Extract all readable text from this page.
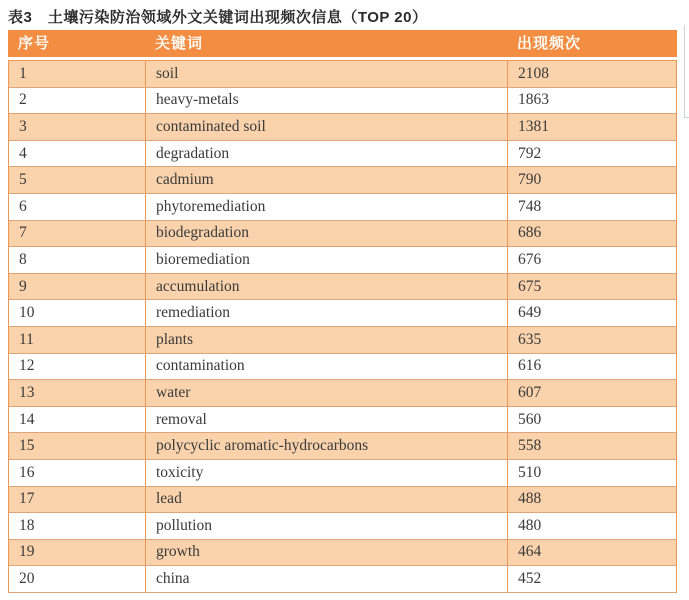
表3　土壤污染防治领域外文关键词出现频次信息（TOP 20）
序号	关键词	出现频次
1	soil	2108
2	heavy-metals	1863
3	contaminated soil	1381
4	degradation	792
5	cadmium	790
6	phytoremediation	748
7	biodegradation	686
8	bioremediation	676
9	accumulation	675
10	remediation	649
11	plants	635
12	contamination	616
13	water	607
14	removal	560
15	polycyclic aromatic-hydrocarbons	558
16	toxicity	510
17	lead	488
18	pollution	480
19	growth	464
20	china	452
